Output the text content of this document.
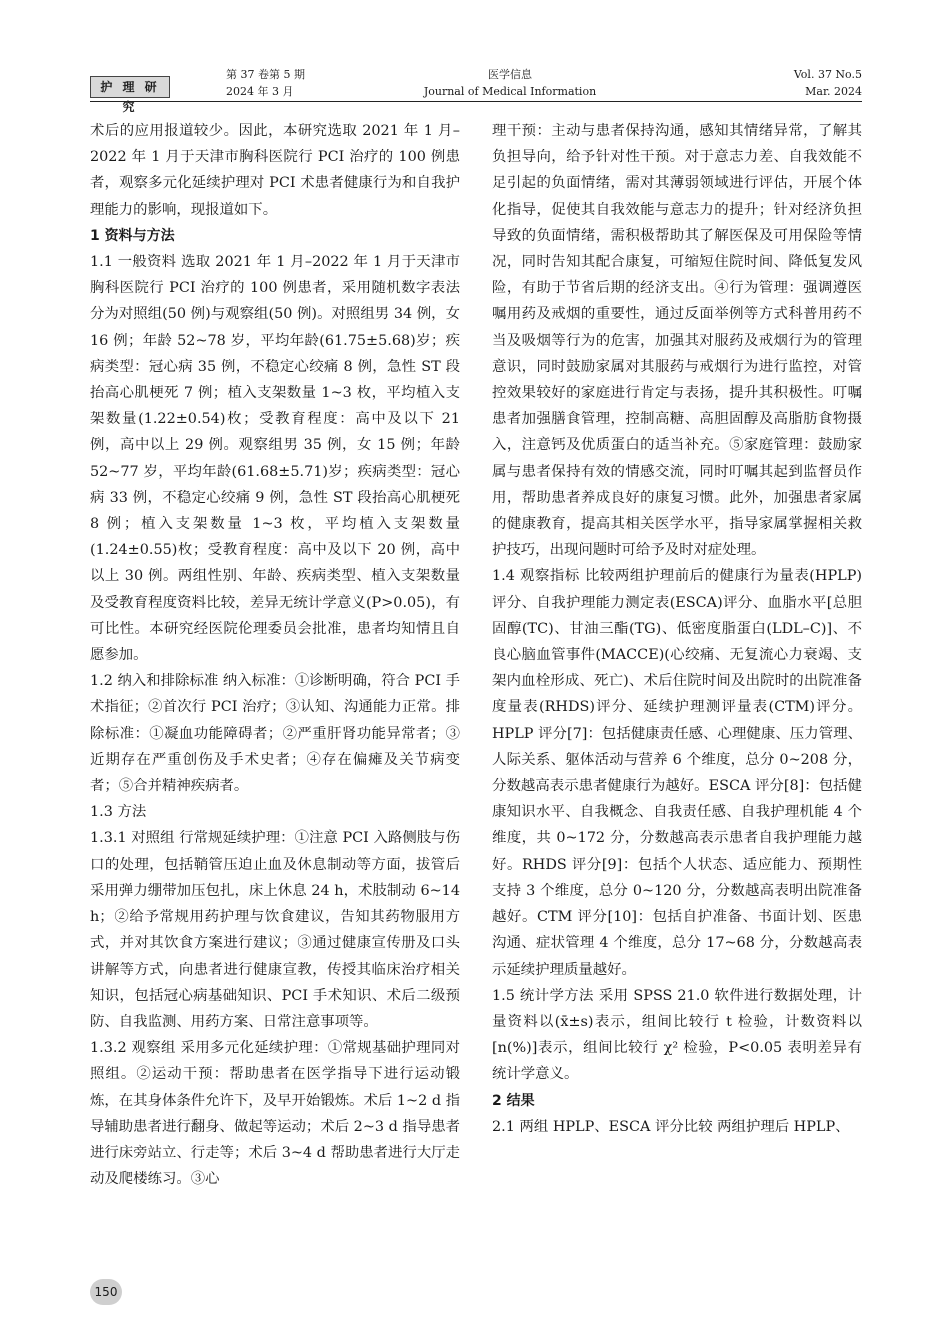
护 理 研 究
第 37 卷第 5 期
2024 年 3 月
医学信息
Journal of Medical Information
Vol. 37 No.5
Mar. 2024

术后的应用报道较少。因此，本研究选取 2021 年 1 月–2022 年 1 月于天津市胸科医院行 PCI 治疗的 100 例患者，观察多元化延续护理对 PCI 术患者健康行为和自我护理能力的影响，现报道如下。

1 资料与方法

1.1 一般资料 选取 2021 年 1 月–2022 年 1 月于天津市胸科医院行 PCI 治疗的 100 例患者，采用随机数字表法分为对照组(50 例)与观察组(50 例)。对照组男 34 例，女 16 例；年龄 52~78 岁，平均年龄(61.75±5.68)岁；疾病类型：冠心病 35 例，不稳定心绞痛 8 例，急性 ST 段抬高心肌梗死 7 例；植入支架数量 1~3 枚，平均植入支架数量(1.22±0.54)枚；受教育程度：高中及以下 21 例，高中以上 29 例。观察组男 35 例，女 15 例；年龄 52~77 岁，平均年龄(61.68±5.71)岁；疾病类型：冠心病 33 例，不稳定心绞痛 9 例，急性 ST 段抬高心肌梗死 8 例；植入支架数量 1~3 枚，平均植入支架数量(1.24±0.55)枚；受教育程度：高中及以下 20 例，高中以上 30 例。两组性别、年龄、疾病类型、植入支架数量及受教育程度资料比较，差异无统计学意义(P>0.05)，有可比性。本研究经医院伦理委员会批准，患者均知情且自愿参加。

1.2 纳入和排除标准 纳入标准：①诊断明确，符合 PCI 手术指征；②首次行 PCI 治疗；③认知、沟通能力正常。排除标准：①凝血功能障碍者；②严重肝肾功能异常者；③近期存在严重创伤及手术史者；④存在偏瘫及关节病变者；⑤合并精神疾病者。

1.3 方法

1.3.1 对照组 行常规延续护理：①注意 PCI 入路侧肢与伤口的处理，包括鞘管压迫止血及休息制动等方面，拔管后采用弹力绷带加压包扎，床上休息 24 h，术肢制动 6~14 h；②给予常规用药护理与饮食建议，告知其药物服用方式，并对其饮食方案进行建议；③通过健康宣传册及口头讲解等方式，向患者进行健康宣教，传授其临床治疗相关知识，包括冠心病基础知识、PCI 手术知识、术后二级预防、自我监测、用药方案、日常注意事项等。

1.3.2 观察组 采用多元化延续护理：①常规基础护理同对照组。②运动干预：帮助患者在医学指导下进行运动锻炼，在其身体条件允许下，及早开始锻炼。术后 1~2 d 指导辅助患者进行翻身、做起等运动；术后 2~3 d 指导患者进行床旁站立、行走等；术后 3~4 d 帮助患者进行大厅走动及爬楼练习。③心

理干预：主动与患者保持沟通，感知其情绪异常，了解其负担导向，给予针对性干预。对于意志力差、自我效能不足引起的负面情绪，需对其薄弱领域进行评估，开展个体化指导，促使其自我效能与意志力的提升；针对经济负担导致的负面情绪，需积极帮助其了解医保及可用保险等情况，同时告知其配合康复，可缩短住院时间、降低复发风险，有助于节省后期的经济支出。④行为管理：强调遵医嘱用药及戒烟的重要性，通过反面举例等方式科普用药不当及吸烟等行为的危害，加强其对服药及戒烟行为的管理意识，同时鼓励家属对其服药与戒烟行为进行监控，对管控效果较好的家庭进行肯定与表扬，提升其积极性。叮嘱患者加强膳食管理，控制高糖、高胆固醇及高脂肪食物摄入，注意钙及优质蛋白的适当补充。⑤家庭管理：鼓励家属与患者保持有效的情感交流，同时叮嘱其起到监督员作用，帮助患者养成良好的康复习惯。此外，加强患者家属的健康教育，提高其相关医学水平，指导家属掌握相关救护技巧，出现问题时可给予及时对症处理。

1.4 观察指标 比较两组护理前后的健康行为量表(HPLP)评分、自我护理能力测定表(ESCA)评分、血脂水平[总胆固醇(TC)、甘油三酯(TG)、低密度脂蛋白(LDL–C)]、不良心脑血管事件(MACCE)(心绞痛、无复流心力衰竭、支架内血栓形成、死亡)、术后住院时间及出院时的出院准备度量表(RHDS)评分、延续护理测评量表(CTM)评分。HPLP 评分[7]：包括健康责任感、心理健康、压力管理、人际关系、躯体活动与营养 6 个维度，总分 0~208 分，分数越高表示患者健康行为越好。ESCA 评分[8]：包括健康知识水平、自我概念、自我责任感、自我护理机能 4 个维度，共 0~172 分，分数越高表示患者自我护理能力越好。RHDS 评分[9]：包括个人状态、适应能力、预期性支持 3 个维度，总分 0~120 分，分数越高表明出院准备越好。CTM 评分[10]：包括自护准备、书面计划、医患沟通、症状管理 4 个维度，总分 17~68 分，分数越高表示延续护理质量越好。

1.5 统计学方法 采用 SPSS 21.0 软件进行数据处理，计量资料以(x̄±s)表示，组间比较行 t 检验，计数资料以[n(%)]表示，组间比较行 χ² 检验，P<0.05 表明差异有统计学意义。

2 结果

2.1 两组 HPLP、ESCA 评分比较 两组护理后 HPLP、

150
